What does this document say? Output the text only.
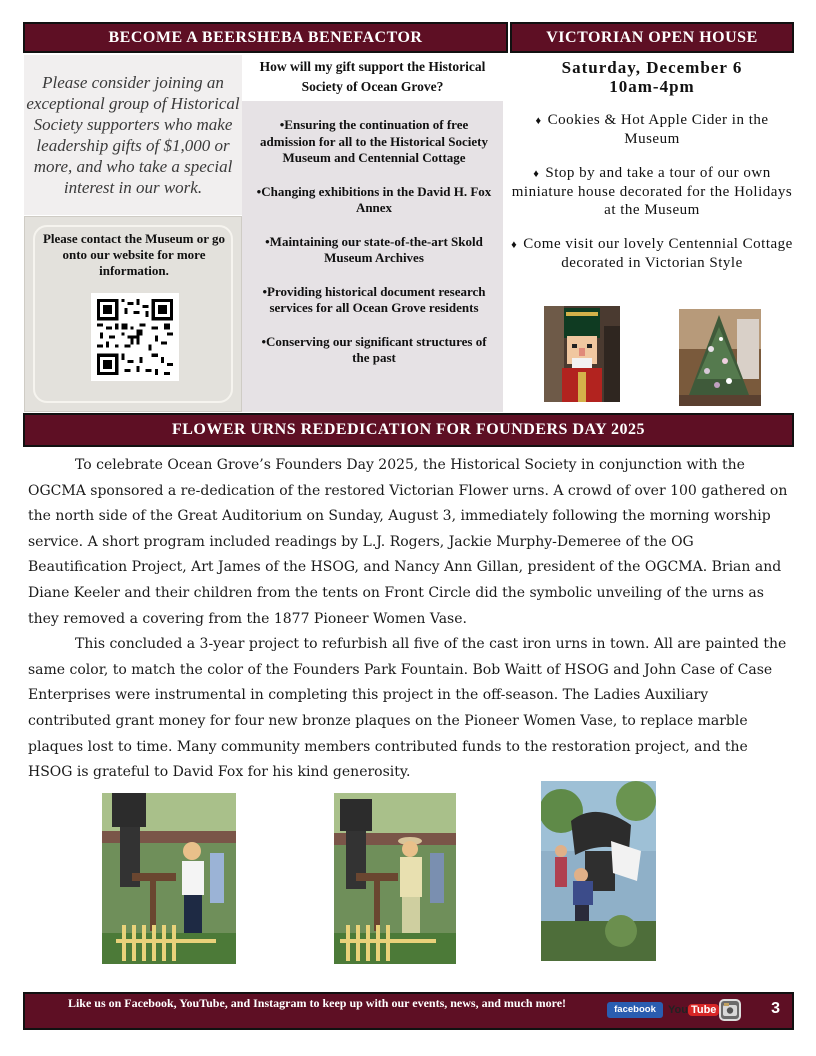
BECOME A BEERSHEBA BENEFACTOR	VICTORIAN OPEN HOUSE
Please consider joining an exceptional group of Historical Society supporters who make leadership gifts of $1,000 or more, and who take a special interest in our work.
Please contact the Museum or go onto our website for more information.
How will my gift support the Historical Society of Ocean Grove?
•Ensuring the continuation of free admission for all to the Historical Society Museum and Centennial Cottage
•Changing exhibitions in the David H. Fox Annex
•Maintaining our state-of-the-art Skold Museum Archives
•Providing historical document research services for all Ocean Grove residents
•Conserving our significant structures of the past
Saturday, December 6
10am-4pm
♦ Cookies & Hot Apple Cider in the Museum
♦ Stop by and take a tour of our own miniature house decorated for the Holidays at the Museum
♦ Come visit our lovely Centennial Cottage decorated in Victorian Style
FLOWER URNS REDEDICATION FOR FOUNDERS DAY 2025

To celebrate Ocean Grove’s Founders Day 2025, the Historical Society in conjunction with the OGCMA sponsored a re-dedication of the restored Victorian Flower urns. A crowd of over 100 gathered on the north side of the Great Auditorium on Sunday, August 3, immediately following the morning worship service. A short program included readings by L.J. Rogers, Jackie Murphy-Demeree of the OG Beautification Project, Art James of the HSOG, and Nancy Ann Gillan, president of the OGCMA. Brian and Diane Keeler and their children from the tents on Front Circle did the symbolic unveiling of the urns as they removed a covering from the 1877 Pioneer Women Vase.

This concluded a 3-year project to refurbish all five of the cast iron urns in town. All are painted the same color, to match the color of the Founders Park Fountain. Bob Waitt of HSOG and John Case of Case Enterprises were instrumental in completing this project in the off-season. The Ladies Auxiliary contributed grant money for four new bronze plaques on the Pioneer Women Vase, to replace marble plaques lost to time. Many community members contributed funds to the restoration project, and the HSOG is grateful to David Fox for his kind generosity.

Like us on Facebook, YouTube, and Instagram to keep up with our events, news, and much more!	facebook	You Tube	3
